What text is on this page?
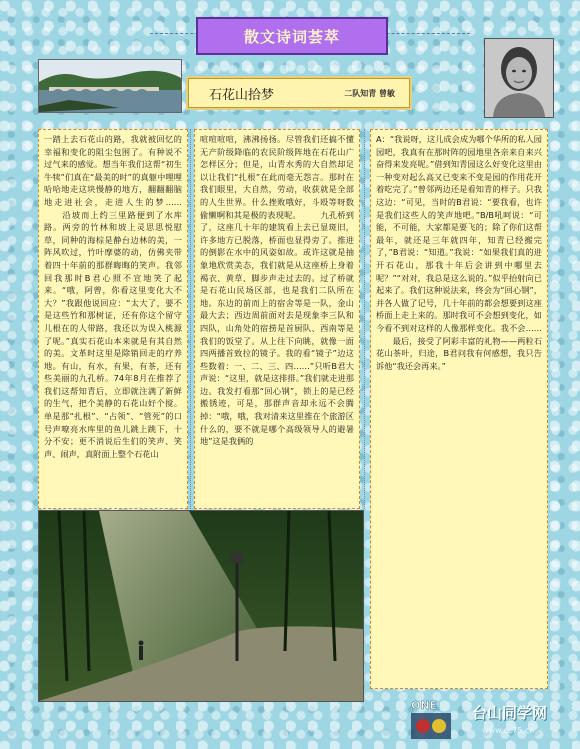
散文诗词荟萃
石花山拾梦	二队知青 曾敏
一踏上去石花山的路，我就被回忆的幸福和变化的阻尘包围了。有种说不过气来的感觉。想当年我们这帮“初生牛犊”们真在“最美的时”的真躯中哩哩哈哈地走这块慢静的地方，翻翻翻脑地走进社会，走进人生的梦…… 　　沿坡而上约三里路便到了水库路。两旁的竹林和坡上灵思思悦慰草，同种的海棕是静台边林的美，一阵风吹过，竹叶摩婆的动，仿佛夹带着四十年前的那群晦晦的笑声。我邻回我那时B君心照不宣地笑了起来。“哦，阿曾，你看这里变化大不大？”我跟他说回应：“太大了，要不是这些竹和那树证，还有你这个留守儿根在的人带路，我还以为误入桃源了呢。”真实石花山本来就是有其自然的美。文革时这里是除销回走的疗养地。有山，有水，有果，有茶，还有些美丽的九孔桥。74年8月在推荐了我们这帮知青后，立即就注满了新鲜的生气，把个美静的石花山好个搅。单是那“扎根”、“占领”、“管死”的口号声嘹亮水库里的鱼儿跳上跳下，十分不安；更不消说后生们的笑声、笑声、闹声，真附面上整个石花山
喧喧喧喧，沸沸扬扬。尽管我们还搞不懂无产阶级降临的农民阶级阵地在石花山广怎样区分；但是，山青水秀的大自然却足以让我们“扎根”在此而毫无怨言。那时在我们眼里，大自然，劳动，收获就是全部的人生世界。什么挫败哦好，斗殴等呀数偷懒啊和其是极的表现呢。 　　九孔桥到了，这座几十年的建筑看上去已显斑旧，许多地方已脱落，桥面也显得旁了。推进的倒影在水中的风姿如故。或许这就是抽象地欣赏美态，我们就是从这座桥上身着褐衣、黄草、脚步声走过去的。过了桥就是石花山民场区部，也是我们二队所在地。东边的前而上的宿舍等是一队，金山最大去；西边周前面对去是现象李三队和四队，山角处的宿捞是首厨队、西南等是我们的饭堂了。从上往下向眺，就像一面四两播首致拉的镜子。我的看“镜子”边这些数着：一、二、三、四……”只听B君大声说：“这里，就是这排排。”我们就走进那边。我发打看那“回心钢”，锁上的是已经搬锈迹，可是，那群声音却永远不会腾掉：“哦，哦，我对清来这里推在个旅游区什么的，要不就是哪个高级领导人的避暑地”这是我俩的
A：“我说呀，这儿成会成为哪个华所的私人园园吧，我真有在那时阵的园地里各亲来自来兴奋得来发亮呢。”借到知青园这么好变化这里由一种变对起么高又已变来不变是园的作用花开着吃完了。”曾邻两边还是看知青的样子。只我这边：“可见，当时的B君说：“要我看，也许是我们这些人的笑声地吧。”B/B吼呵说：“可能，不可能，大家都是要飞的；除了你们这帮最年，就还是三年就四年，知青已经搬完了，”B君说：“知道。”我说：“如果我们真的进开石花山，那我十年后会讲到中哪里去呢？”“对对，我总是这么说的。”似乎抬射向已起来了。我们这种说法来，终会为“回心钢”，并各人做了记号，几十年前的都会想要到这座桥面上走上来的。那时我可不会想到变化，如今看不到对这样的人像那样变化。我不会…… 　　最后，接受了阿彩丰富的礼物——两粒石花山茶叶，归途，B君问我有何感想，我只告诉他“我还会再来。”
ONE 台山同学网
www.cc75.cn
